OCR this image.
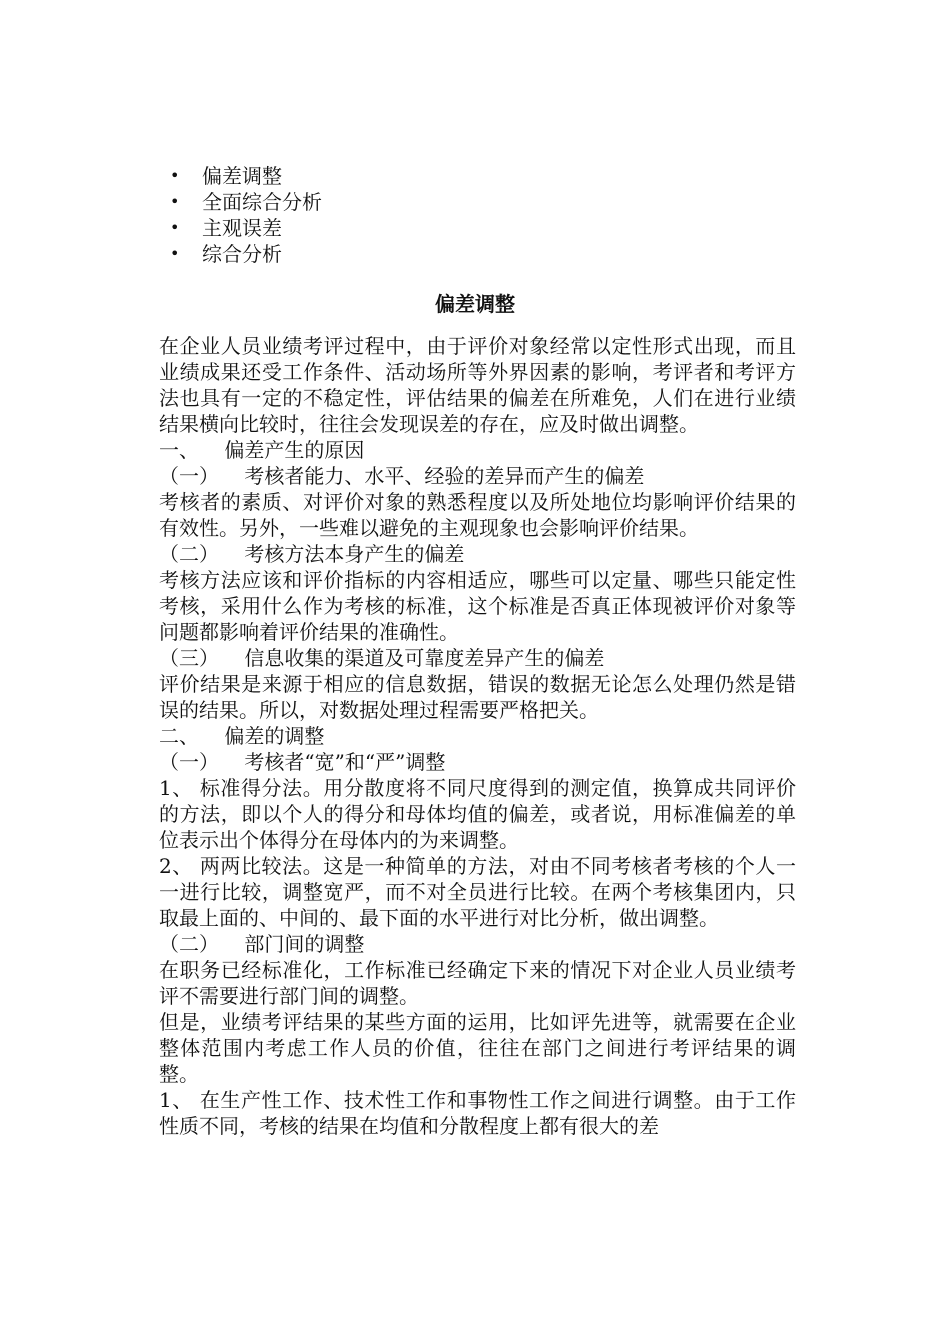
• 偏差调整
• 全面综合分析
• 主观误差
• 综合分析
偏差调整

在企业人员业绩考评过程中，由于评价对象经常以定性形式出现，而且业绩成果还受工作条件、活动场所等外界因素的影响，考评者和考评方法也具有一定的不稳定性，评估结果的偏差在所难免，人们在进行业绩结果横向比较时，往往会发现误差的存在，应及时做出调整。

一、    偏差产生的原因

（一）    考核者能力、水平、经验的差异而产生的偏差

考核者的素质、对评价对象的熟悉程度以及所处地位均影响评价结果的有效性。另外，一些难以避免的主观现象也会影响评价结果。

（二）    考核方法本身产生的偏差

考核方法应该和评价指标的内容相适应，哪些可以定量、哪些只能定性考核，采用什么作为考核的标准，这个标准是否真正体现被评价对象等问题都影响着评价结果的准确性。

（三）    信息收集的渠道及可靠度差异产生的偏差

评价结果是来源于相应的信息数据，错误的数据无论怎么处理仍然是错误的结果。所以，对数据处理过程需要严格把关。

二、    偏差的调整

（一）    考核者“宽”和“严”调整

1、 标准得分法。用分散度将不同尺度得到的测定值，换算成共同评价的方法，即以个人的得分和母体均值的偏差，或者说，用标准偏差的单位表示出个体得分在母体内的为来调整。

2、 两两比较法。这是一种简单的方法，对由不同考核者考核的个人一一进行比较，调整宽严，而不对全员进行比较。在两个考核集团内，只取最上面的、中间的、最下面的水平进行对比分析，做出调整。

（二）    部门间的调整

在职务已经标准化，工作标准已经确定下来的情况下对企业人员业绩考评不需要进行部门间的调整。

但是，业绩考评结果的某些方面的运用，比如评先进等，就需要在企业整体范围内考虑工作人员的价值，往往在部门之间进行考评结果的调整。

1、 在生产性工作、技术性工作和事物性工作之间进行调整。由于工作性质不同，考核的结果在均值和分散程度上都有很大的差
